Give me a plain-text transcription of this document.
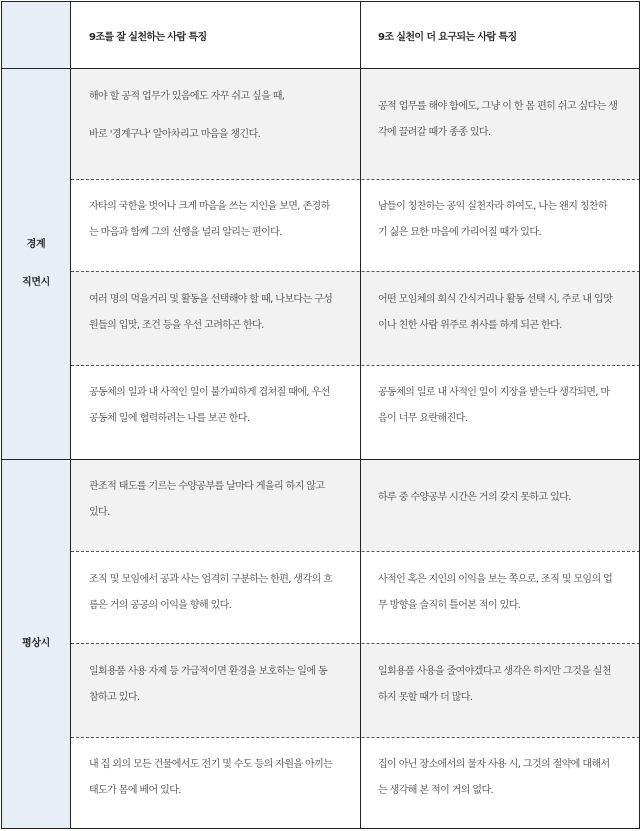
경계
직면시
평상시
9조를 잘 실천하는 사람 특징	9조 실천이 더 요구되는 사람 특징
해야 할 공적 업무가 있음에도 자꾸 쉬고 싶을 때,
바로 '경계구나' 알아차리고 마음을 챙긴다.
공적 업무를 해야 함에도, 그냥 이 한 몸 편히 쉬고 싶다는 생
각에 끌려갈 때가 종종 있다.
자타의 국한을 벗어나 크게 마음을 쓰는 지인을 보면, 존경하
는 마음과 함께 그의 선행을 널리 알리는 편이다.
남들이 칭찬하는 공익 실천자라 하여도, 나는 왠지 칭찬하
기 싫은 묘한 마음에 가리어질 때가 있다.
여러 명의 먹을거리 및 활동을 선택해야 할 때, 나보다는 구성
원들의 입맛, 조건 등을 우선 고려하곤 한다.
어떤 모임체의 회식 간식거리나 활동 선택 시, 주로 내 입맛
이나 친한 사람 위주로 취사를 하게 되곤 한다.
공동체의 일과 내 사적인 일이 불가피하게 겹쳐질 때에, 우선
공동체 일에 협력하려는 나를 보곤 한다.
공동체의 일로 내 사적인 일이 지장을 받는다 생각되면, 마
음이 너무 요란해진다.
관조적 태도를 기르는 수양공부를 날마다 게을리 하지 않고
있다.
하루 중 수양공부 시간은 거의 갖지 못하고 있다.
조직 및 모임에서 공과 사는 엄격히 구분하는 한편, 생각의 흐
름은 거의 공공의 이익을 향해 있다.
사적인 혹은 지인의 이익을 보는 쪽으로, 조직 및 모임의 업
무 방향을 슬직히 틀어본 적이 있다.
일회용품 사용 자제 등 가급적이면 환경을 보호하는 일에 동
참하고 있다.
일회용품 사용을 줄여야겠다고 생각은 하지만 그것을 실천
하지 못할 때가 더 많다.
내 집 외의 모든 건물에서도 전기 및 수도 등의 자원을 아끼는
태도가 몸에 베어 있다.
집이 아닌 장소에서의 물자 사용 시, 그것의 절약에 대해서
는 생각해 본 적이 거의 없다.
